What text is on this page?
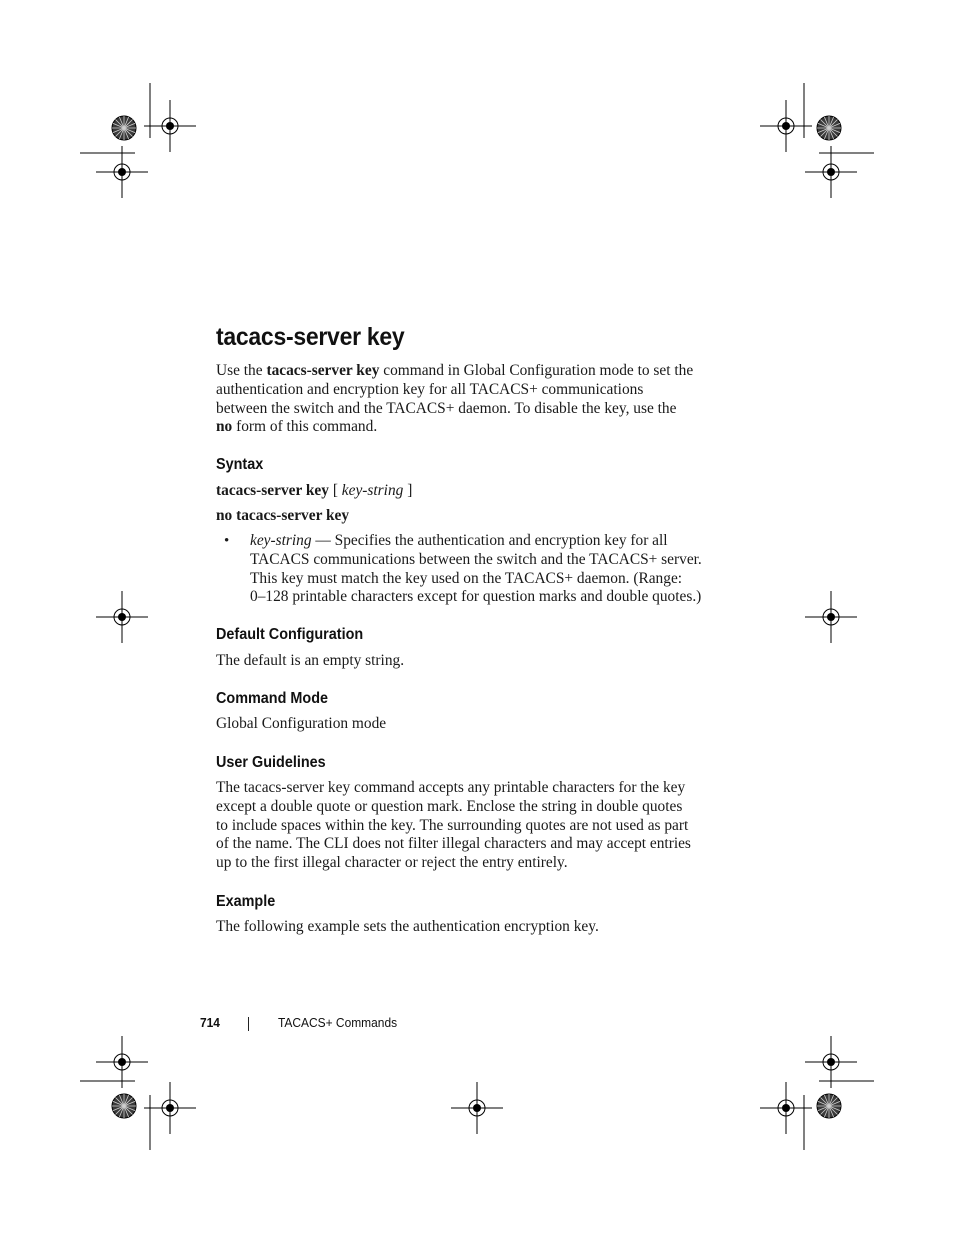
tacacs-server key

Use the tacacs-server key command in Global Configuration mode to set the
authentication and encryption key for all TACACS+ communications
between the switch and the TACACS+ daemon. To disable the key, use the
no form of this command.

Syntax

tacacs-server key [ key-string ]

no tacacs-server key

• key-string — Specifies the authentication and encryption key for all
TACACS communications between the switch and the TACACS+ server.
This key must match the key used on the TACACS+ daemon. (Range:
0–128 printable characters except for question marks and double quotes.)

Default Configuration

The default is an empty string.

Command Mode

Global Configuration mode

User Guidelines

The tacacs-server key command accepts any printable characters for the key
except a double quote or question mark. Enclose the string in double quotes
to include spaces within the key. The surrounding quotes are not used as part
of the name. The CLI does not filter illegal characters and may accept entries
up to the first illegal character or reject the entry entirely.

Example

The following example sets the authentication encryption key.

714	TACACS+ Commands
